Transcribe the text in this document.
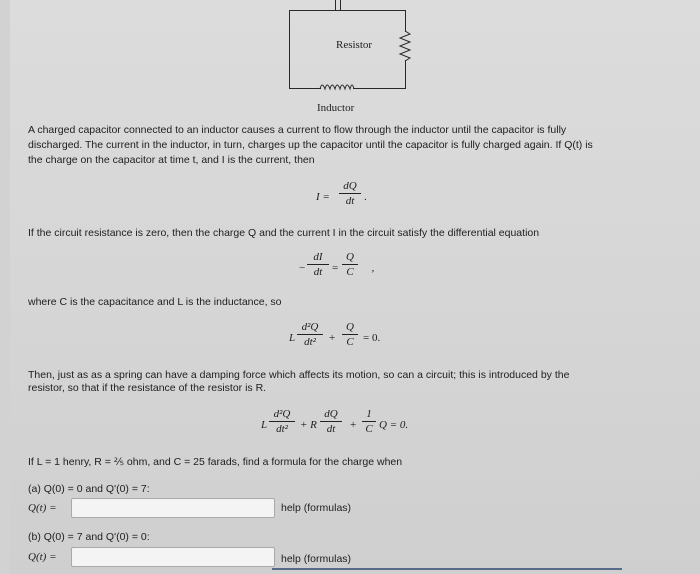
Resistor
Inductor
A charged capacitor connected to an inductor causes a current to flow through the inductor until the capacitor is fully
discharged. The current in the inductor, in turn, charges up the capacitor until the capacitor is fully charged again. If Q(t) is
the charge on the capacitor at time t, and I is the current, then
I =
dQ
dt .
If the circuit resistance is zero, then the charge Q and the current I in the circuit satisfy the differential equation
−
dI
dt =
Q
C	‚
where C is the capacitance and L is the inductance, so
L
d²Q
dt²	+
Q
C = 0.
Then, just as as a spring can have a damping force which affects its motion, so can a circuit; this is introduced by the
resistor, so that if the resistance of the resistor is R.
L
d²Q
dt²	+ R
dQ
dt	+
1
C Q = 0.
If L = 1 henry, R = ⅖ ohm, and C = 25 farads, find a formula for the charge when
(a) Q(0) = 0 and Q'(0) = 7:
Q(t) =	help (formulas)
(b) Q(0) = 7 and Q'(0) = 0:
Q(t) =	help (formulas)
